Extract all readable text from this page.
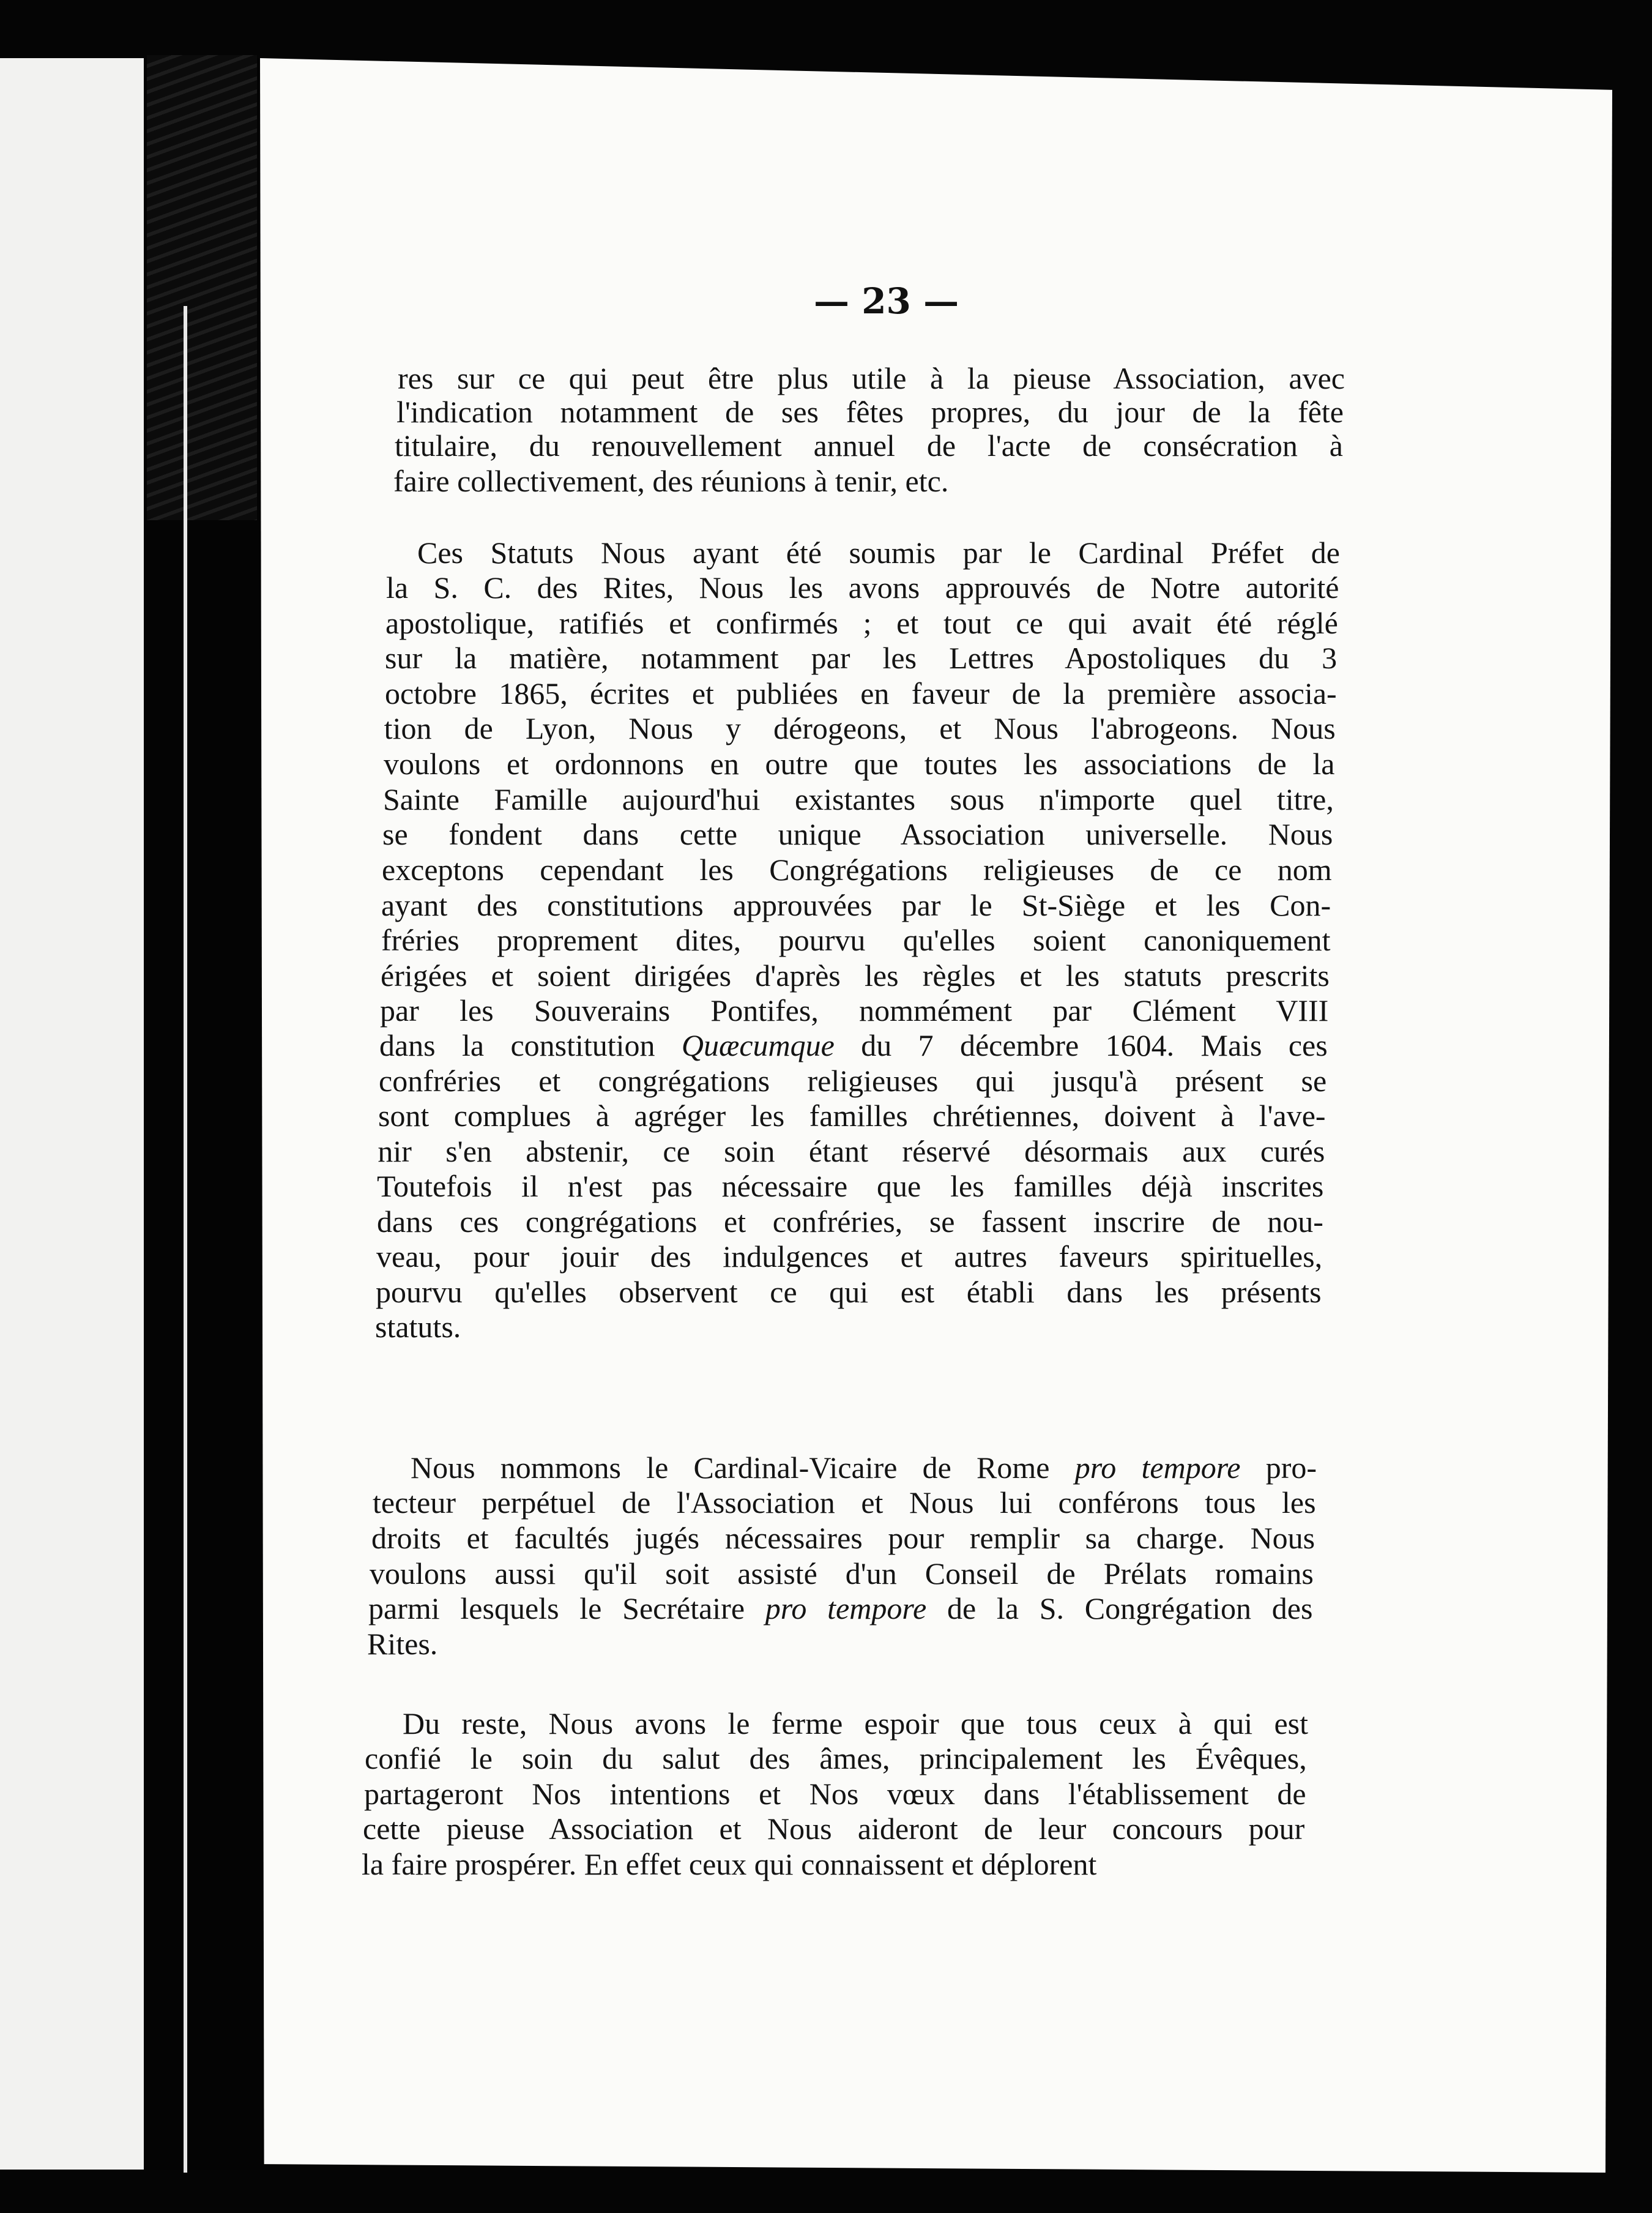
— 23 —

res sur ce qui peut être plus utile à la pieuse Association, avec

l'indication notamment de ses fêtes propres, du jour de la fête

titulaire, du renouvellement annuel de l'acte de consécration à

faire collectivement, des réunions à tenir, etc.

Ces Statuts Nous ayant été soumis par le Cardinal Préfet de

la S. C. des Rites, Nous les avons approuvés de Notre autorité

apostolique, ratifiés et confirmés ; et tout ce qui avait été réglé

sur la matière, notamment par les Lettres Apostoliques du 3

octobre 1865, écrites et publiées en faveur de la première associa-

tion de Lyon, Nous y dérogeons, et Nous l'abrogeons. Nous

voulons et ordonnons en outre que toutes les associations de la

Sainte Famille aujourd'hui existantes sous n'importe quel titre,

se fondent dans cette unique Association universelle. Nous

exceptons cependant les Congrégations religieuses de ce nom

ayant des constitutions approuvées par le St-Siège et les Con-

fréries proprement dites, pourvu qu'elles soient canoniquement

érigées et soient dirigées d'après les règles et les statuts prescrits

par les Souverains Pontifes, nommément par Clément VIII

dans la constitution Quæcumque du 7 décembre 1604. Mais ces

confréries et congrégations religieuses qui jusqu'à présent se

sont complues à agréger les familles chrétiennes, doivent à l'ave-

nir s'en abstenir, ce soin étant réservé désormais aux curés

Toutefois il n'est pas nécessaire que les familles déjà inscrites

dans ces congrégations et confréries, se fassent inscrire de nou-

veau, pour jouir des indulgences et autres faveurs spirituelles,

pourvu qu'elles observent ce qui est établi dans les présents

statuts.

Nous nommons le Cardinal-Vicaire de Rome pro tempore pro-

tecteur perpétuel de l'Association et Nous lui conférons tous les

droits et facultés jugés nécessaires pour remplir sa charge. Nous

voulons aussi qu'il soit assisté d'un Conseil de Prélats romains

parmi lesquels le Secrétaire pro tempore de la S. Congrégation des

Rites.

Du reste, Nous avons le ferme espoir que tous ceux à qui est

confié le soin du salut des âmes, principalement les Évêques,

partageront Nos intentions et Nos vœux dans l'établissement de

cette pieuse Association et Nous aideront de leur concours pour

la faire prospérer. En effet ceux qui connaissent et déplorent
